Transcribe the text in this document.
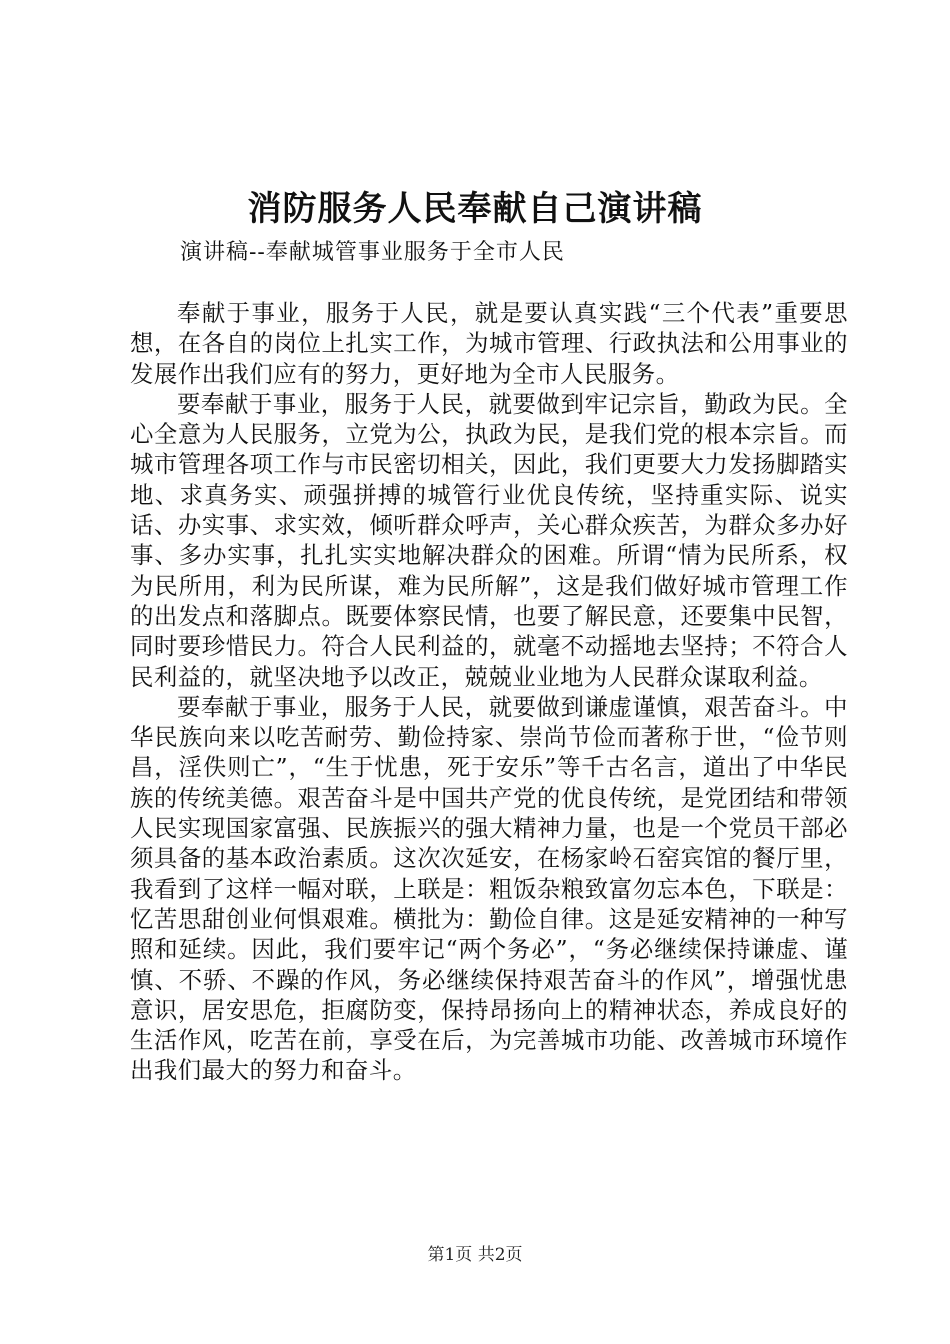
消防服务人民奉献自己演讲稿

演讲稿--奉献城管事业服务于全市人民

奉献于事业，服务于人民，就是要认真实践“三个代表”重要思想，在各自的岗位上扎实工作，为城市管理、行政执法和公用事业的发展作出我们应有的努力，更好地为全市人民服务。

要奉献于事业，服务于人民，就要做到牢记宗旨，勤政为民。全心全意为人民服务，立党为公，执政为民，是我们党的根本宗旨。而城市管理各项工作与市民密切相关，因此，我们更要大力发扬脚踏实地、求真务实、顽强拼搏的城管行业优良传统，坚持重实际、说实话、办实事、求实效，倾听群众呼声，关心群众疾苦，为群众多办好事、多办实事，扎扎实实地解决群众的困难。所谓“情为民所系，权为民所用，利为民所谋，难为民所解”，这是我们做好城市管理工作的出发点和落脚点。既要体察民情，也要了解民意，还要集中民智，同时要珍惜民力。符合人民利益的，就毫不动摇地去坚持；不符合人民利益的，就坚决地予以改正，兢兢业业地为人民群众谋取利益。

要奉献于事业，服务于人民，就要做到谦虚谨慎，艰苦奋斗。中华民族向来以吃苦耐劳、勤俭持家、崇尚节俭而著称于世，“俭节则昌，淫佚则亡”，“生于忧患，死于安乐”等千古名言，道出了中华民族的传统美德。艰苦奋斗是中国共产党的优良传统，是党团结和带领人民实现国家富强、民族振兴的强大精神力量，也是一个党员干部必须具备的基本政治素质。这次次延安，在杨家岭石窑宾馆的餐厅里，我看到了这样一幅对联，上联是：粗饭杂粮致富勿忘本色，下联是：忆苦思甜创业何惧艰难。横批为：勤俭自律。这是延安精神的一种写照和延续。因此，我们要牢记“两个务必”，“务必继续保持谦虚、谨慎、不骄、不躁的作风，务必继续保持艰苦奋斗的作风”，增强忧患意识，居安思危，拒腐防变，保持昂扬向上的精神状态，养成良好的生活作风，吃苦在前，享受在后，为完善城市功能、改善城市环境作出我们最大的努力和奋斗。

第1页 共2页
